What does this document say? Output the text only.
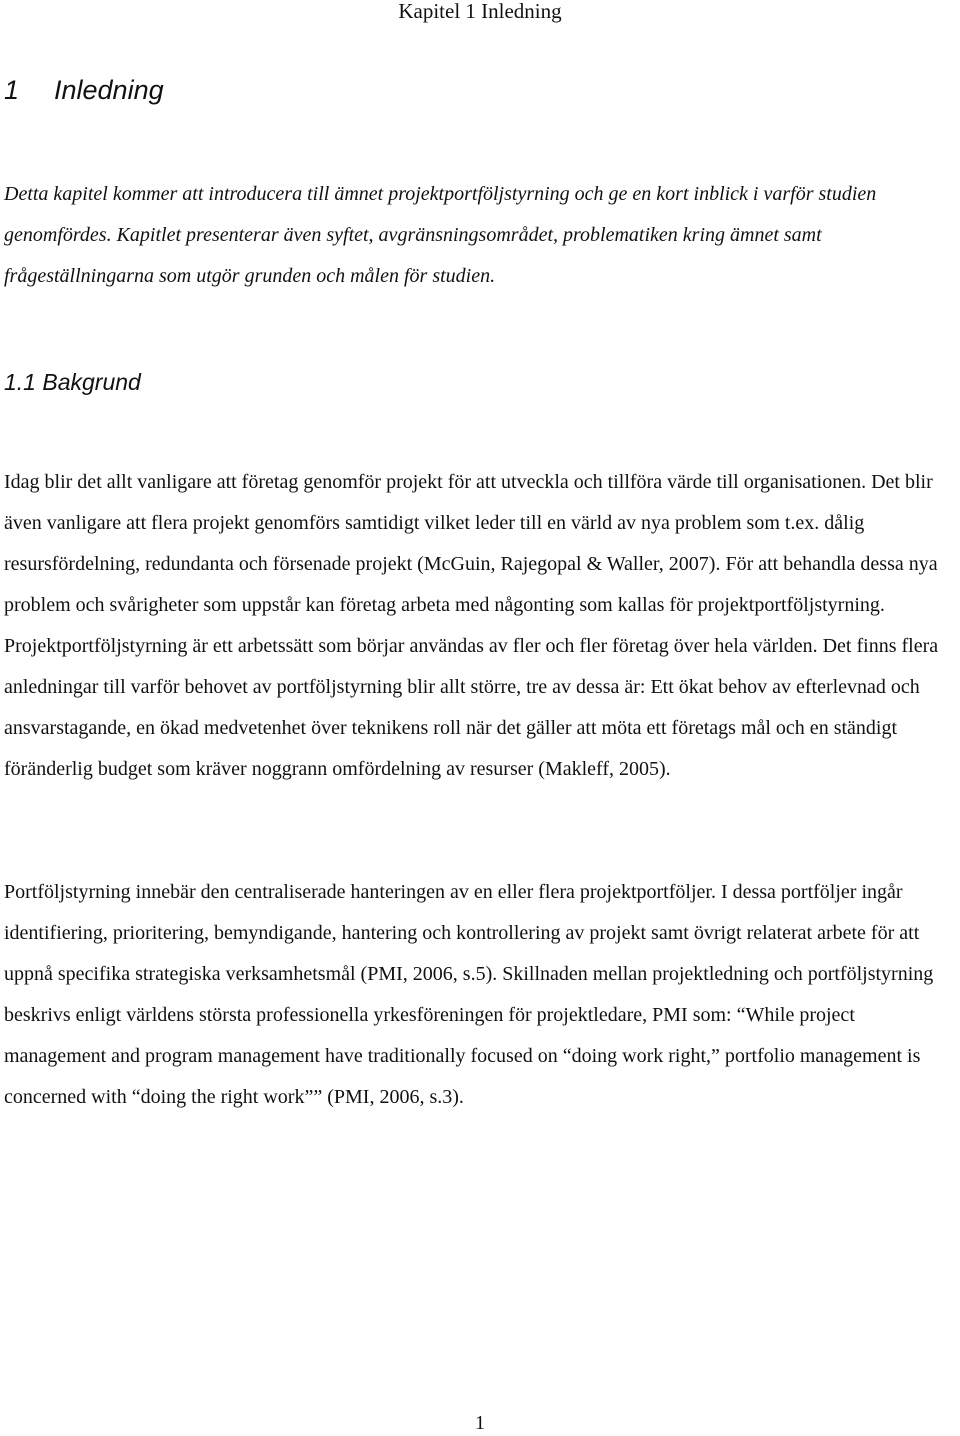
Kapitel 1 Inledning
1 Inledning

Detta kapitel kommer att introducera till ämnet projektportföljstyrning och ge en kort inblick i varför studien genomfördes. Kapitlet presenterar även syftet, avgränsningsområdet, problematiken kring ämnet samt frågeställningarna som utgör grunden och målen för studien.

1.1 Bakgrund

Idag blir det allt vanligare att företag genomför projekt för att utveckla och tillföra värde till organisationen. Det blir även vanligare att flera projekt genomförs samtidigt vilket leder till en värld av nya problem som t.ex. dålig resursfördelning, redundanta och försenade projekt (McGuin, Rajegopal & Waller, 2007). För att behandla dessa nya problem och svårigheter som uppstår kan företag arbeta med någonting som kallas för projektportföljstyrning. Projektportföljstyrning är ett arbetssätt som börjar användas av fler och fler företag över hela världen. Det finns flera anledningar till varför behovet av portföljstyrning blir allt större, tre av dessa är: Ett ökat behov av efterlevnad och ansvarstagande, en ökad medvetenhet över teknikens roll när det gäller att möta ett företags mål och en ständigt föränderlig budget som kräver noggrann omfördelning av resurser (Makleff, 2005).

Portföljstyrning innebär den centraliserade hanteringen av en eller flera projektportföljer. I dessa portföljer ingår identifiering, prioritering, bemyndigande, hantering och kontrollering av projekt samt övrigt relaterat arbete för att uppnå specifika strategiska verksamhetsmål (PMI, 2006, s.5). Skillnaden mellan projektledning och portföljstyrning beskrivs enligt världens största professionella yrkesföreningen för projektledare, PMI som: “While project management and program management have traditionally focused on “doing work right,” portfolio management is concerned with “doing the right work”” (PMI, 2006, s.3).

1
